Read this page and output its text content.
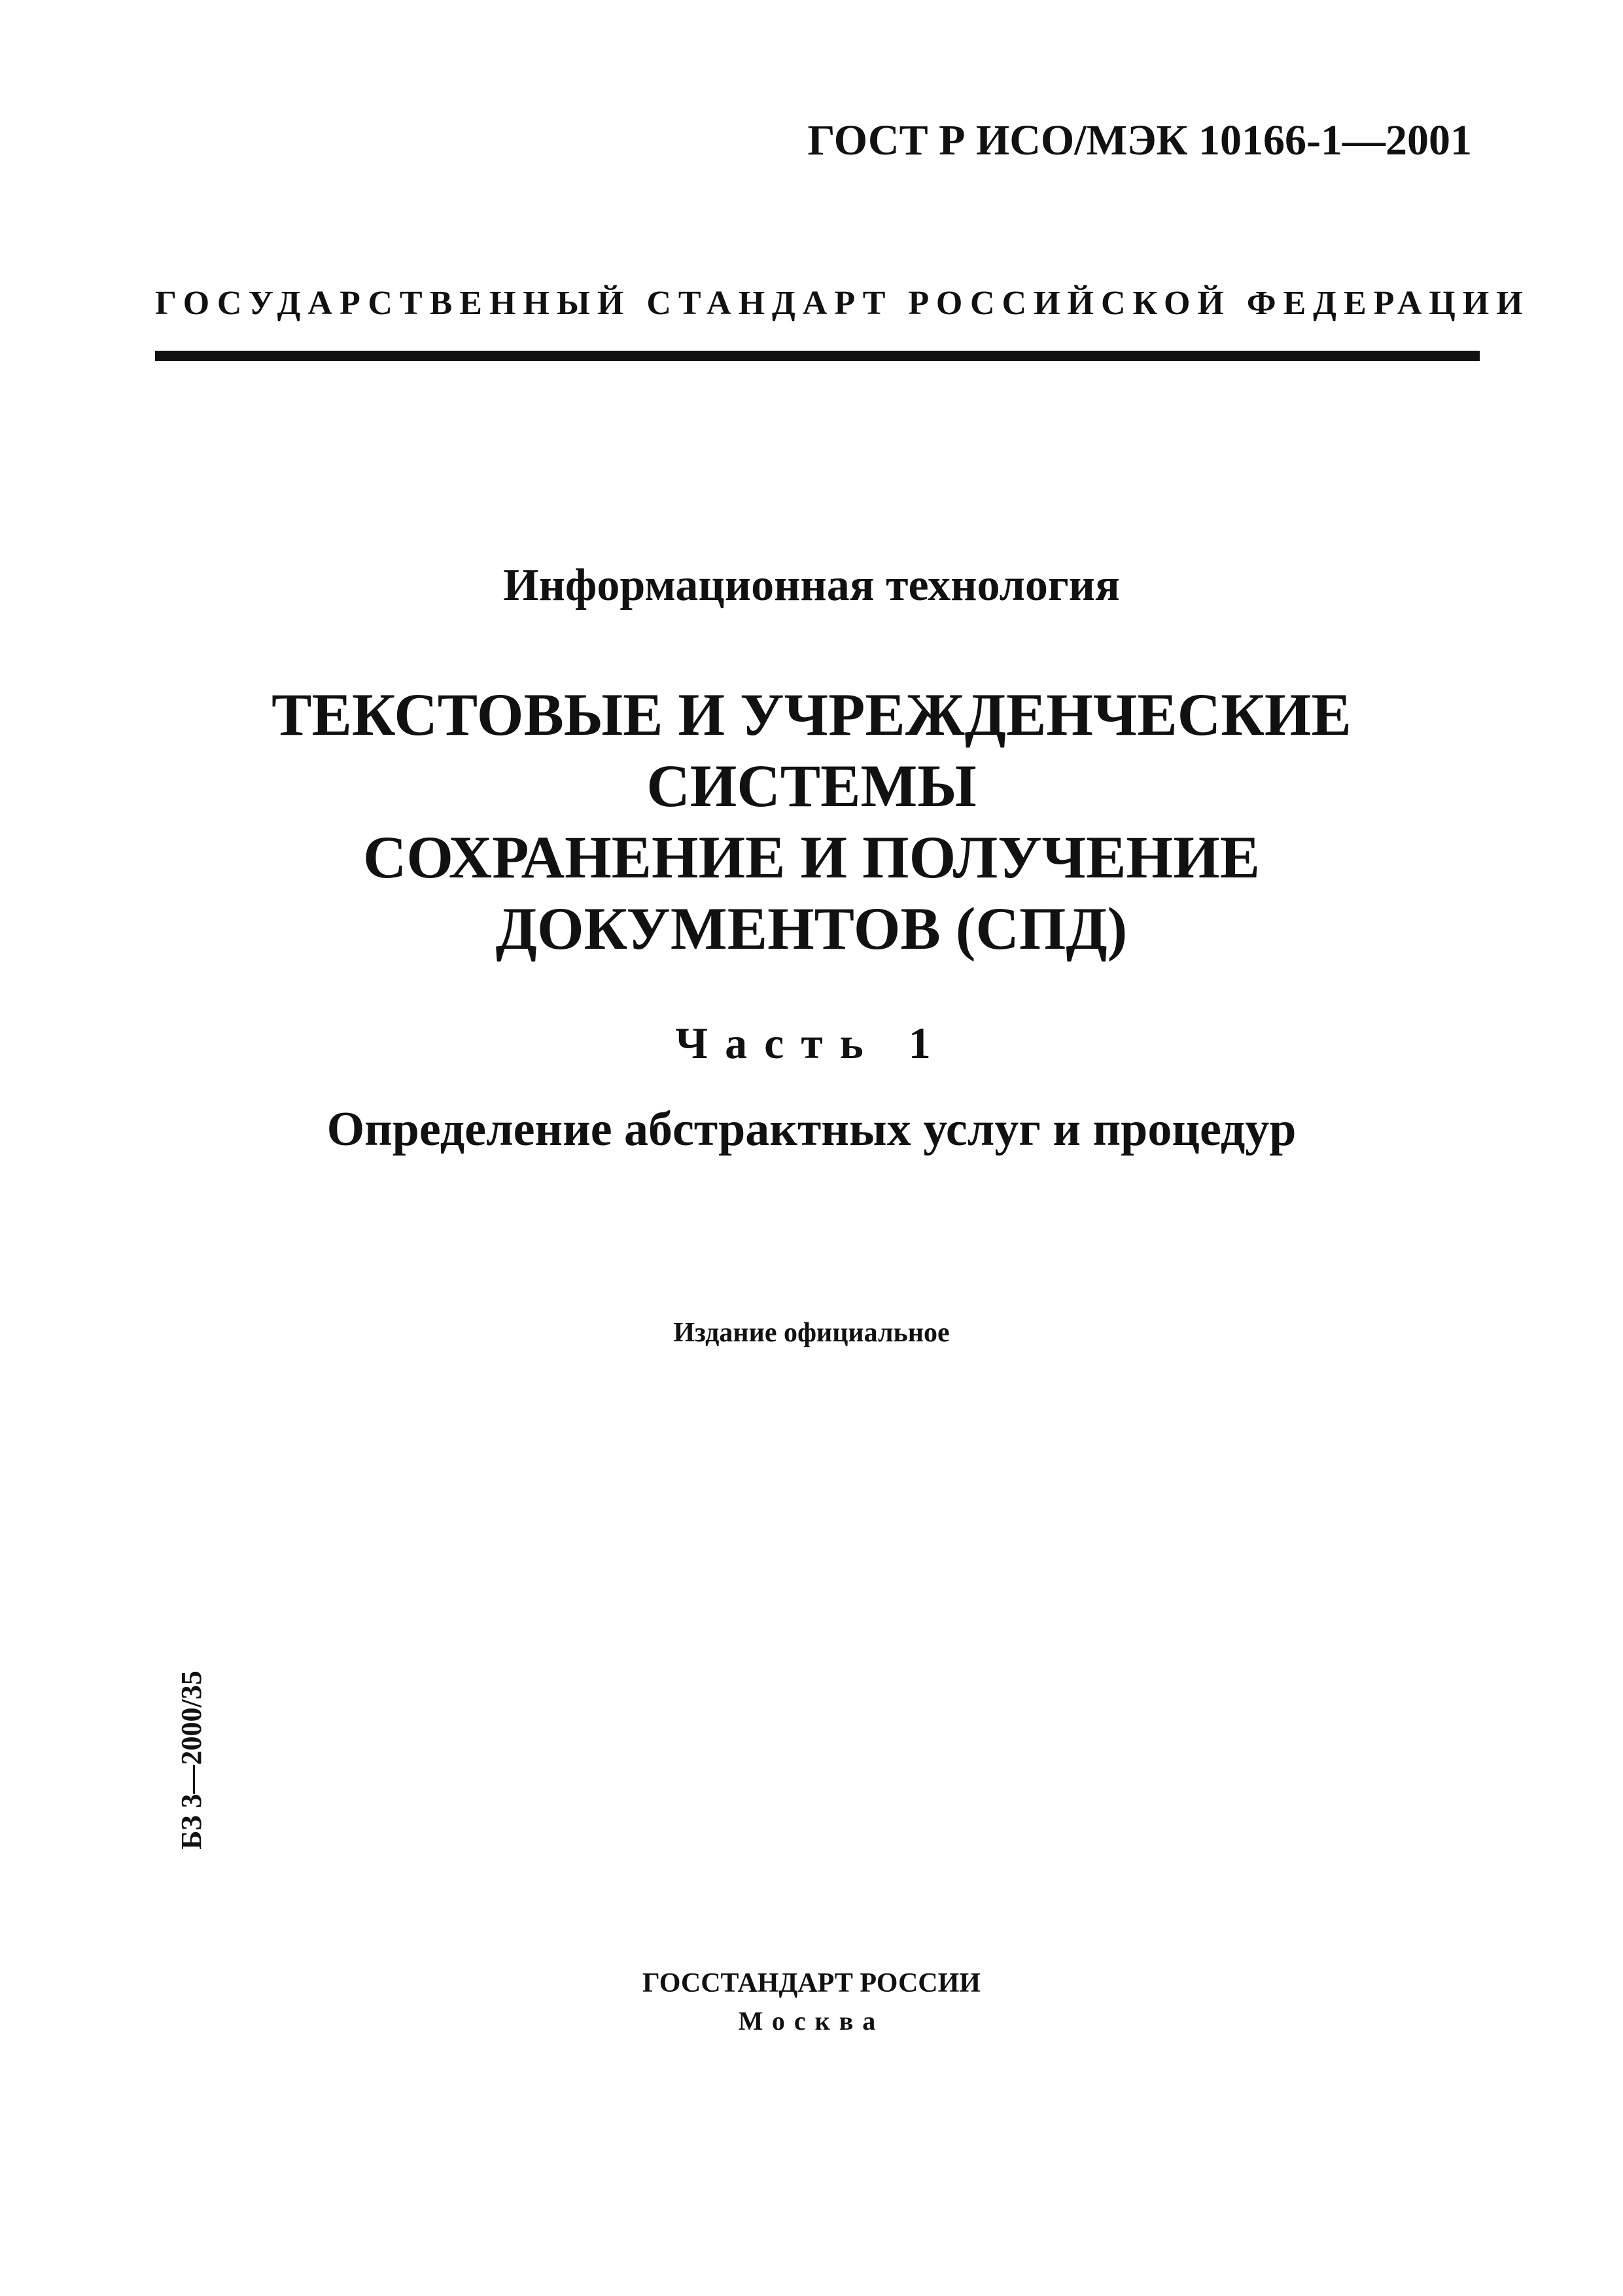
ГОСТ Р ИСО/МЭК 10166-1—2001

ГОСУДАРСТВЕННЫЙ СТАНДАРТ РОССИЙСКОЙ ФЕДЕРАЦИИ

Информационная технология

ТЕКСТОВЫЕ И УЧРЕЖДЕНЧЕСКИЕ
СИСТЕМЫ
СОХРАНЕНИЕ И ПОЛУЧЕНИЕ
ДОКУМЕНТОВ (СПД)

Часть 1

Определение абстрактных услуг и процедур

Издание официальное

БЗ 3—2000/35

ГОССТАНДАРТ РОССИИ

Москва
